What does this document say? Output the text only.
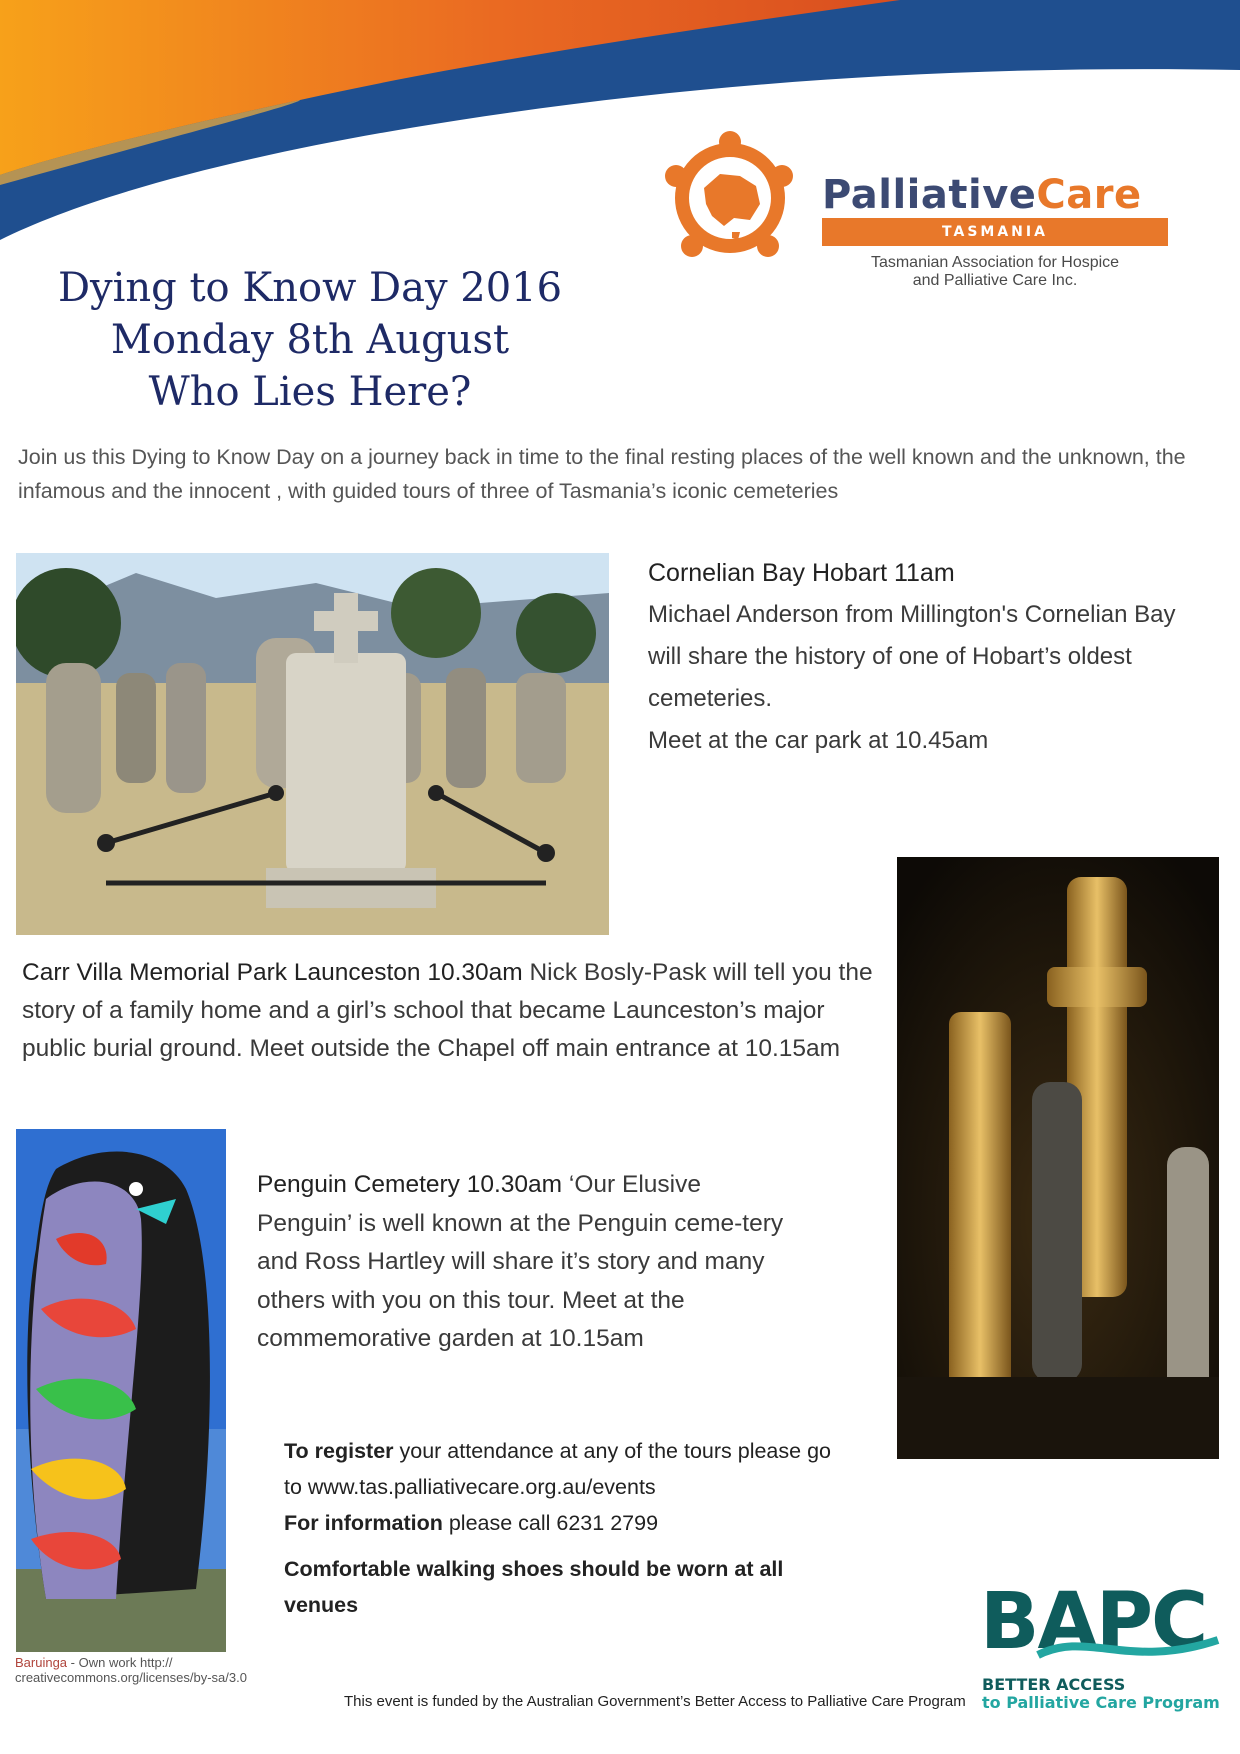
PalliativeCare
TASMANIA
Tasmanian Association for Hospice
and Palliative Care Inc.
Dying to Know Day 2016
Monday 8th August
Who Lies Here?
Join us this Dying to Know Day on a journey back in time to the final resting places of the well known and the unknown, the infamous and the innocent , with guided tours of three of Tasmania’s iconic cemeteries
Cornelian Bay Hobart 11am
Michael Anderson from Millington's Cornelian Bay will share the history of one of Hobart’s oldest cemeteries.
Meet at the car park at 10.45am
Carr Villa Memorial Park Launceston 10.30am Nick Bosly-Pask will tell you the story of a family home and a girl’s school that became Launceston’s major public burial ground. Meet outside the Chapel off main entrance at 10.15am
Penguin Cemetery 10.30am ‘Our Elusive Penguin’ is well known at the Penguin ceme-tery and Ross Hartley will share it’s story and many others with you on this tour. Meet at the commemorative garden at 10.15am
To register your attendance at any of the tours please go to www.tas.palliativecare.org.au/events
For information please call 6231 2799
Comfortable walking shoes should be worn at all venues
Baruinga - Own work http://
creativecommons.org/licenses/by-sa/3.0
This event is funded by the Australian Government’s Better Access to Palliative Care Program
BAPC
BETTER ACCESS
to Palliative Care Program
